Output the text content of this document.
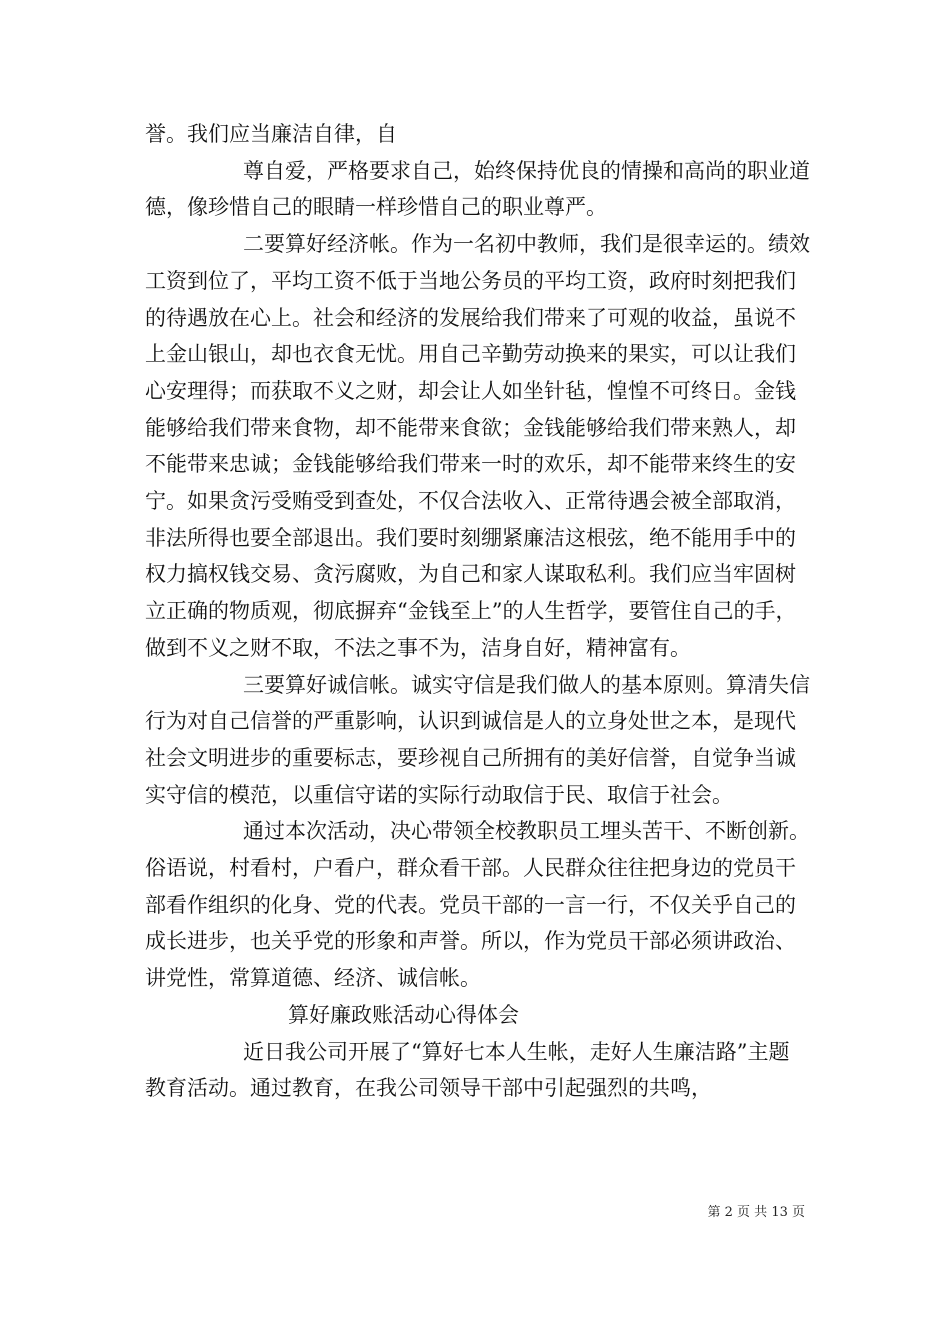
誉。我们应当廉洁自律，自

尊自爱，严格要求自己，始终保持优良的情操和高尚的职业道德，像珍惜自己的眼睛一样珍惜自己的职业尊严。

二要算好经济帐。作为一名初中教师，我们是很幸运的。绩效工资到位了，平均工资不低于当地公务员的平均工资，政府时刻把我们的待遇放在心上。社会和经济的发展给我们带来了可观的收益，虽说不上金山银山，却也衣食无忧。用自己辛勤劳动换来的果实，可以让我们心安理得；而获取不义之财，却会让人如坐针毡，惶惶不可终日。金钱能够给我们带来食物，却不能带来食欲；金钱能够给我们带来熟人，却不能带来忠诚；金钱能够给我们带来一时的欢乐，却不能带来终生的安宁。如果贪污受贿受到查处，不仅合法收入、正常待遇会被全部取消，非法所得也要全部退出。我们要时刻绷紧廉洁这根弦，绝不能用手中的权力搞权钱交易、贪污腐败，为自己和家人谋取私利。我们应当牢固树立正确的物质观，彻底摒弃“金钱至上”的人生哲学，要管住自己的手，做到不义之财不取，不法之事不为，洁身自好，精神富有。

三要算好诚信帐。诚实守信是我们做人的基本原则。算清失信行为对自己信誉的严重影响，认识到诚信是人的立身处世之本，是现代社会文明进步的重要标志，要珍视自己所拥有的美好信誉，自觉争当诚实守信的模范，以重信守诺的实际行动取信于民、取信于社会。

通过本次活动，决心带领全校教职员工埋头苦干、不断创新。俗语说，村看村，户看户，群众看干部。人民群众往往把身边的党员干部看作组织的化身、党的代表。党员干部的一言一行，不仅关乎自己的成长进步，也关乎党的形象和声誉。所以，作为党员干部必须讲政治、讲党性，常算道德、经济、诚信帐。

算好廉政账活动心得体会

近日我公司开展了“算好七本人生帐，走好人生廉洁路”主题教育活动。通过教育，在我公司领导干部中引起强烈的共鸣，

第 2 页 共 13 页
